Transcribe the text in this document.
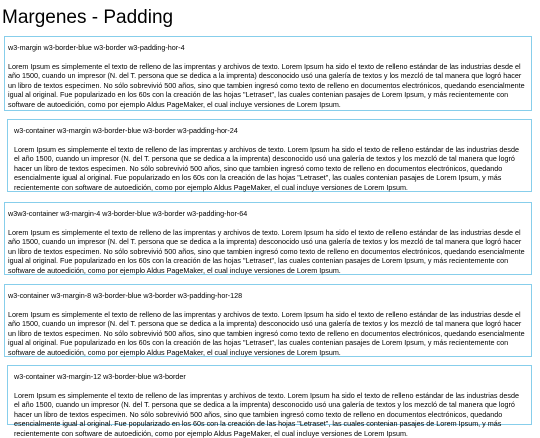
Margenes - Padding

w3-margin w3-border-blue w3-border w3-padding-hor-4

Lorem Ipsum es simplemente el texto de relleno de las imprentas y archivos de texto. Lorem Ipsum ha sido el texto de relleno estándar de las industrias desde el año 1500, cuando un impresor (N. del T. persona que se dedica a la imprenta) desconocido usó una galería de textos y los mezcló de tal manera que logró hacer un libro de textos especimen. No sólo sobrevivió 500 años, sino que tambien ingresó como texto de relleno en documentos electrónicos, quedando esencialmente igual al original. Fue popularizado en los 60s con la creación de las hojas "Letraset", las cuales contenian pasajes de Lorem Ipsum, y más recientemente con software de autoedición, como por ejemplo Aldus PageMaker, el cual incluye versiones de Lorem Ipsum.

w3-container w3-margin w3-border-blue w3-border w3-padding-hor-24

Lorem Ipsum es simplemente el texto de relleno de las imprentas y archivos de texto. Lorem Ipsum ha sido el texto de relleno estándar de las industrias desde el año 1500, cuando un impresor (N. del T. persona que se dedica a la imprenta) desconocido usó una galería de textos y los mezcló de tal manera que logró hacer un libro de textos especimen. No sólo sobrevivió 500 años, sino que tambien ingresó como texto de relleno en documentos electrónicos, quedando esencialmente igual al original. Fue popularizado en los 60s con la creación de las hojas "Letraset", las cuales contenian pasajes de Lorem Ipsum, y más recientemente con software de autoedición, como por ejemplo Aldus PageMaker, el cual incluye versiones de Lorem Ipsum.

w3w3-container w3-margin-4 w3-border-blue w3-border w3-padding-hor-64

Lorem Ipsum es simplemente el texto de relleno de las imprentas y archivos de texto. Lorem Ipsum ha sido el texto de relleno estándar de las industrias desde el año 1500, cuando un impresor (N. del T. persona que se dedica a la imprenta) desconocido usó una galería de textos y los mezcló de tal manera que logró hacer un libro de textos especimen. No sólo sobrevivió 500 años, sino que tambien ingresó como texto de relleno en documentos electrónicos, quedando esencialmente igual al original. Fue popularizado en los 60s con la creación de las hojas "Letraset", las cuales contenian pasajes de Lorem Ipsum, y más recientemente con software de autoedición, como por ejemplo Aldus PageMaker, el cual incluye versiones de Lorem Ipsum.

w3-container w3-margin-8 w3-border-blue w3-border w3-padding-hor-128

Lorem Ipsum es simplemente el texto de relleno de las imprentas y archivos de texto. Lorem Ipsum ha sido el texto de relleno estándar de las industrias desde el año 1500, cuando un impresor (N. del T. persona que se dedica a la imprenta) desconocido usó una galería de textos y los mezcló de tal manera que logró hacer un libro de textos especimen. No sólo sobrevivió 500 años, sino que tambien ingresó como texto de relleno en documentos electrónicos, quedando esencialmente igual al original. Fue popularizado en los 60s con la creación de las hojas "Letraset", las cuales contenian pasajes de Lorem Ipsum, y más recientemente con software de autoedición, como por ejemplo Aldus PageMaker, el cual incluye versiones de Lorem Ipsum.

w3-container w3-margin-12 w3-border-blue w3-border

Lorem Ipsum es simplemente el texto de relleno de las imprentas y archivos de texto. Lorem Ipsum ha sido el texto de relleno estándar de las industrias desde el año 1500, cuando un impresor (N. del T. persona que se dedica a la imprenta) desconocido usó una galería de textos y los mezcló de tal manera que logró hacer un libro de textos especimen. No sólo sobrevivió 500 años, sino que tambien ingresó como texto de relleno en documentos electrónicos, quedando esencialmente igual al original. Fue popularizado en los 60s con la creación de las hojas "Letraset", las cuales contenian pasajes de Lorem Ipsum, y más recientemente con software de autoedición, como por ejemplo Aldus PageMaker, el cual incluye versiones de Lorem Ipsum.
